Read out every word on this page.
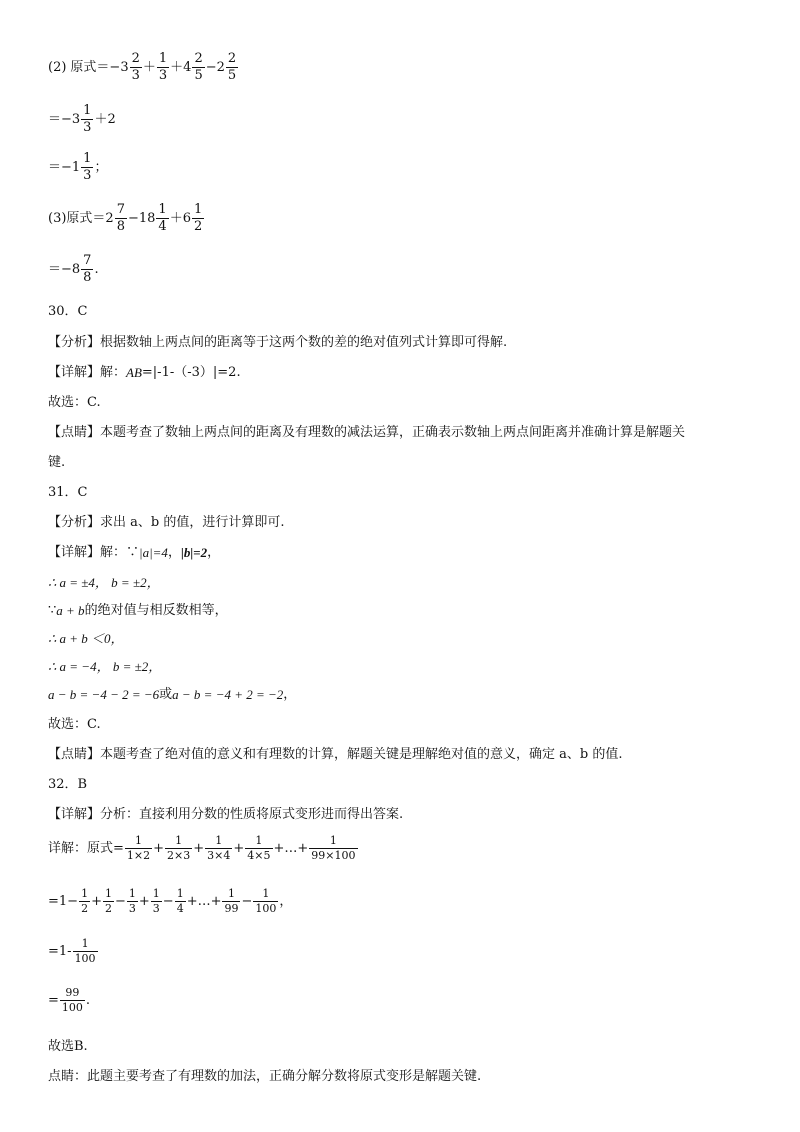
(2) 原式$=-3 \frac{2}{3} + \frac{1}{3} +4 \frac{2}{5} -2 \frac{2}{5}$
$=-3 \frac{1}{3} +2$
$=-1 \frac{1}{3}$ ；
(3)原式$=2 \frac{7}{8} -18 \frac{1}{4} +6 \frac{1}{2}$
$=-8 \frac{7}{8}$ .
30．C
【分析】根据数轴上两点间的距离等于这两个数的差的绝对值列式计算即可得解.
【详解】解： AB =|-1-（-3）|=2.
故选：C.
【点睛】本题考查了数轴上两点间的距离及有理数的减法运算，正确表示数轴上两点间距离并准确计算是解题关
键.
31．C
【分析】求出 a、b 的值，进行计算即可.
【详解】解：∵ |a|=4 ， |b|=2 ，
∴ a = ±4， b = ±2，
∵ a + b 的绝对值与相反数相等，
∴ a + b ＜0，
∴ a = −4， b = ±2，
a − b = −4 − 2 = −6 或 a − b = −4 + 2 = −2 ，
故选：C.
【点睛】本题考查了绝对值的意义和有理数的计算，解题关键是理解绝对值的意义，确定 a、b 的值.
32．B
【详解】分析：直接利用分数的性质将原式变形进而得出答案.
详解：原式= $\frac{1}{1\times 2} + \frac{1}{2\times 3} + \frac{1}{3\times 4} + \frac{1}{4\times 5}$ +…+ $\frac{1}{99\times 100}$
$=1- \frac{1}{2} + \frac{1}{2} - \frac{1}{3} + \frac{1}{3} - \frac{1}{4}$ +…+ $\frac{1}{99} - \frac{1}{100}$ ，
$=1- \frac{1}{100}$
= $\frac{99}{100}$ .
故选B.
点睛：此题主要考查了有理数的加法，正确分解分数将原式变形是解题关键.
